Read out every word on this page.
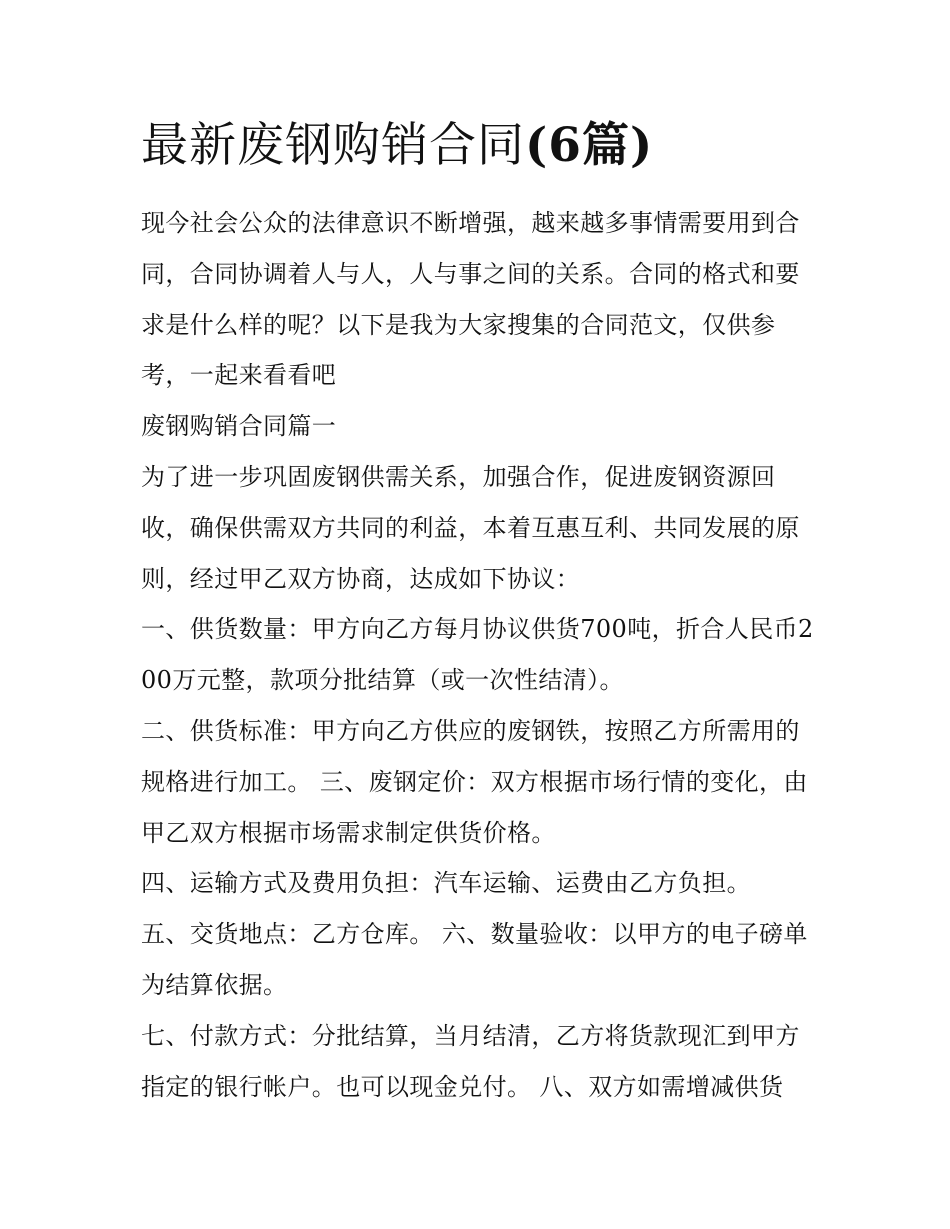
最新废钢购销合同(6篇)

现今社会公众的法律意识不断增强，越来越多事情需要用到合同，合同协调着人与人，人与事之间的关系。合同的格式和要求是什么样的呢？以下是我为大家搜集的合同范文，仅供参考，一起来看看吧

废钢购销合同篇一

为了进一步巩固废钢供需关系，加强合作，促进废钢资源回收，确保供需双方共同的利益，本着互惠互利、共同发展的原则，经过甲乙双方协商，达成如下协议：

一、供货数量：甲方向乙方每月协议供货700吨，折合人民币200万元整，款项分批结算（或一次性结清）。

二、供货标准：甲方向乙方供应的废钢铁，按照乙方所需用的规格进行加工。 三、废钢定价：双方根据市场行情的变化，由甲乙双方根据市场需求制定供货价格。

四、运输方式及费用负担：汽车运输、运费由乙方负担。

五、交货地点：乙方仓库。 六、数量验收：以甲方的电子磅单为结算依据。

七、付款方式：分批结算，当月结清，乙方将货款现汇到甲方指定的银行帐户。也可以现金兑付。 八、双方如需增减供货
